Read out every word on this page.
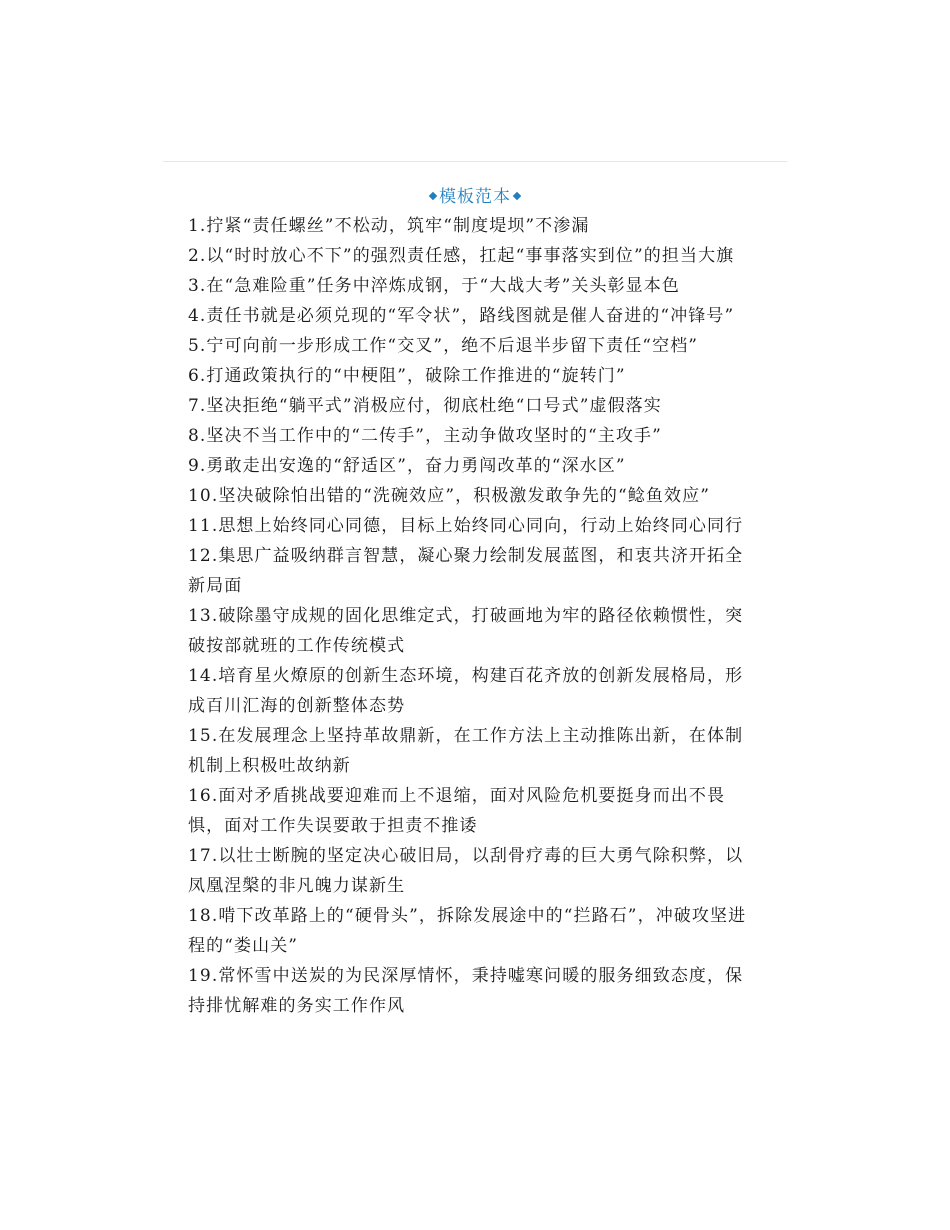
模板范本

1.拧紧“责任螺丝”不松动，筑牢“制度堤坝”不渗漏

2.以“时时放心不下”的强烈责任感，扛起“事事落实到位”的担当大旗

3.在“急难险重”任务中淬炼成钢，于“大战大考”关头彰显本色

4.责任书就是必须兑现的“军令状”，路线图就是催人奋进的“冲锋号”

5.宁可向前一步形成工作“交叉”，绝不后退半步留下责任“空档”

6.打通政策执行的“中梗阻”，破除工作推进的“旋转门”

7.坚决拒绝“躺平式”消极应付，彻底杜绝“口号式”虚假落实

8.坚决不当工作中的“二传手”，主动争做攻坚时的“主攻手”

9.勇敢走出安逸的“舒适区”，奋力勇闯改革的“深水区”

10.坚决破除怕出错的“洗碗效应”，积极激发敢争先的“鲶鱼效应”

11.思想上始终同心同德，目标上始终同心同向，行动上始终同心同行

12.集思广益吸纳群言智慧，凝心聚力绘制发展蓝图，和衷共济开拓全新局面

13.破除墨守成规的固化思维定式，打破画地为牢的路径依赖惯性，突破按部就班的工作传统模式

14.培育星火燎原的创新生态环境，构建百花齐放的创新发展格局，形成百川汇海的创新整体态势

15.在发展理念上坚持革故鼎新，在工作方法上主动推陈出新，在体制机制上积极吐故纳新

16.面对矛盾挑战要迎难而上不退缩，面对风险危机要挺身而出不畏惧，面对工作失误要敢于担责不推诿

17.以壮士断腕的坚定决心破旧局，以刮骨疗毒的巨大勇气除积弊，以凤凰涅槃的非凡魄力谋新生

18.啃下改革路上的“硬骨头”，拆除发展途中的“拦路石”，冲破攻坚进程的“娄山关”

19.常怀雪中送炭的为民深厚情怀，秉持嘘寒问暖的服务细致态度，保持排忧解难的务实工作作风
